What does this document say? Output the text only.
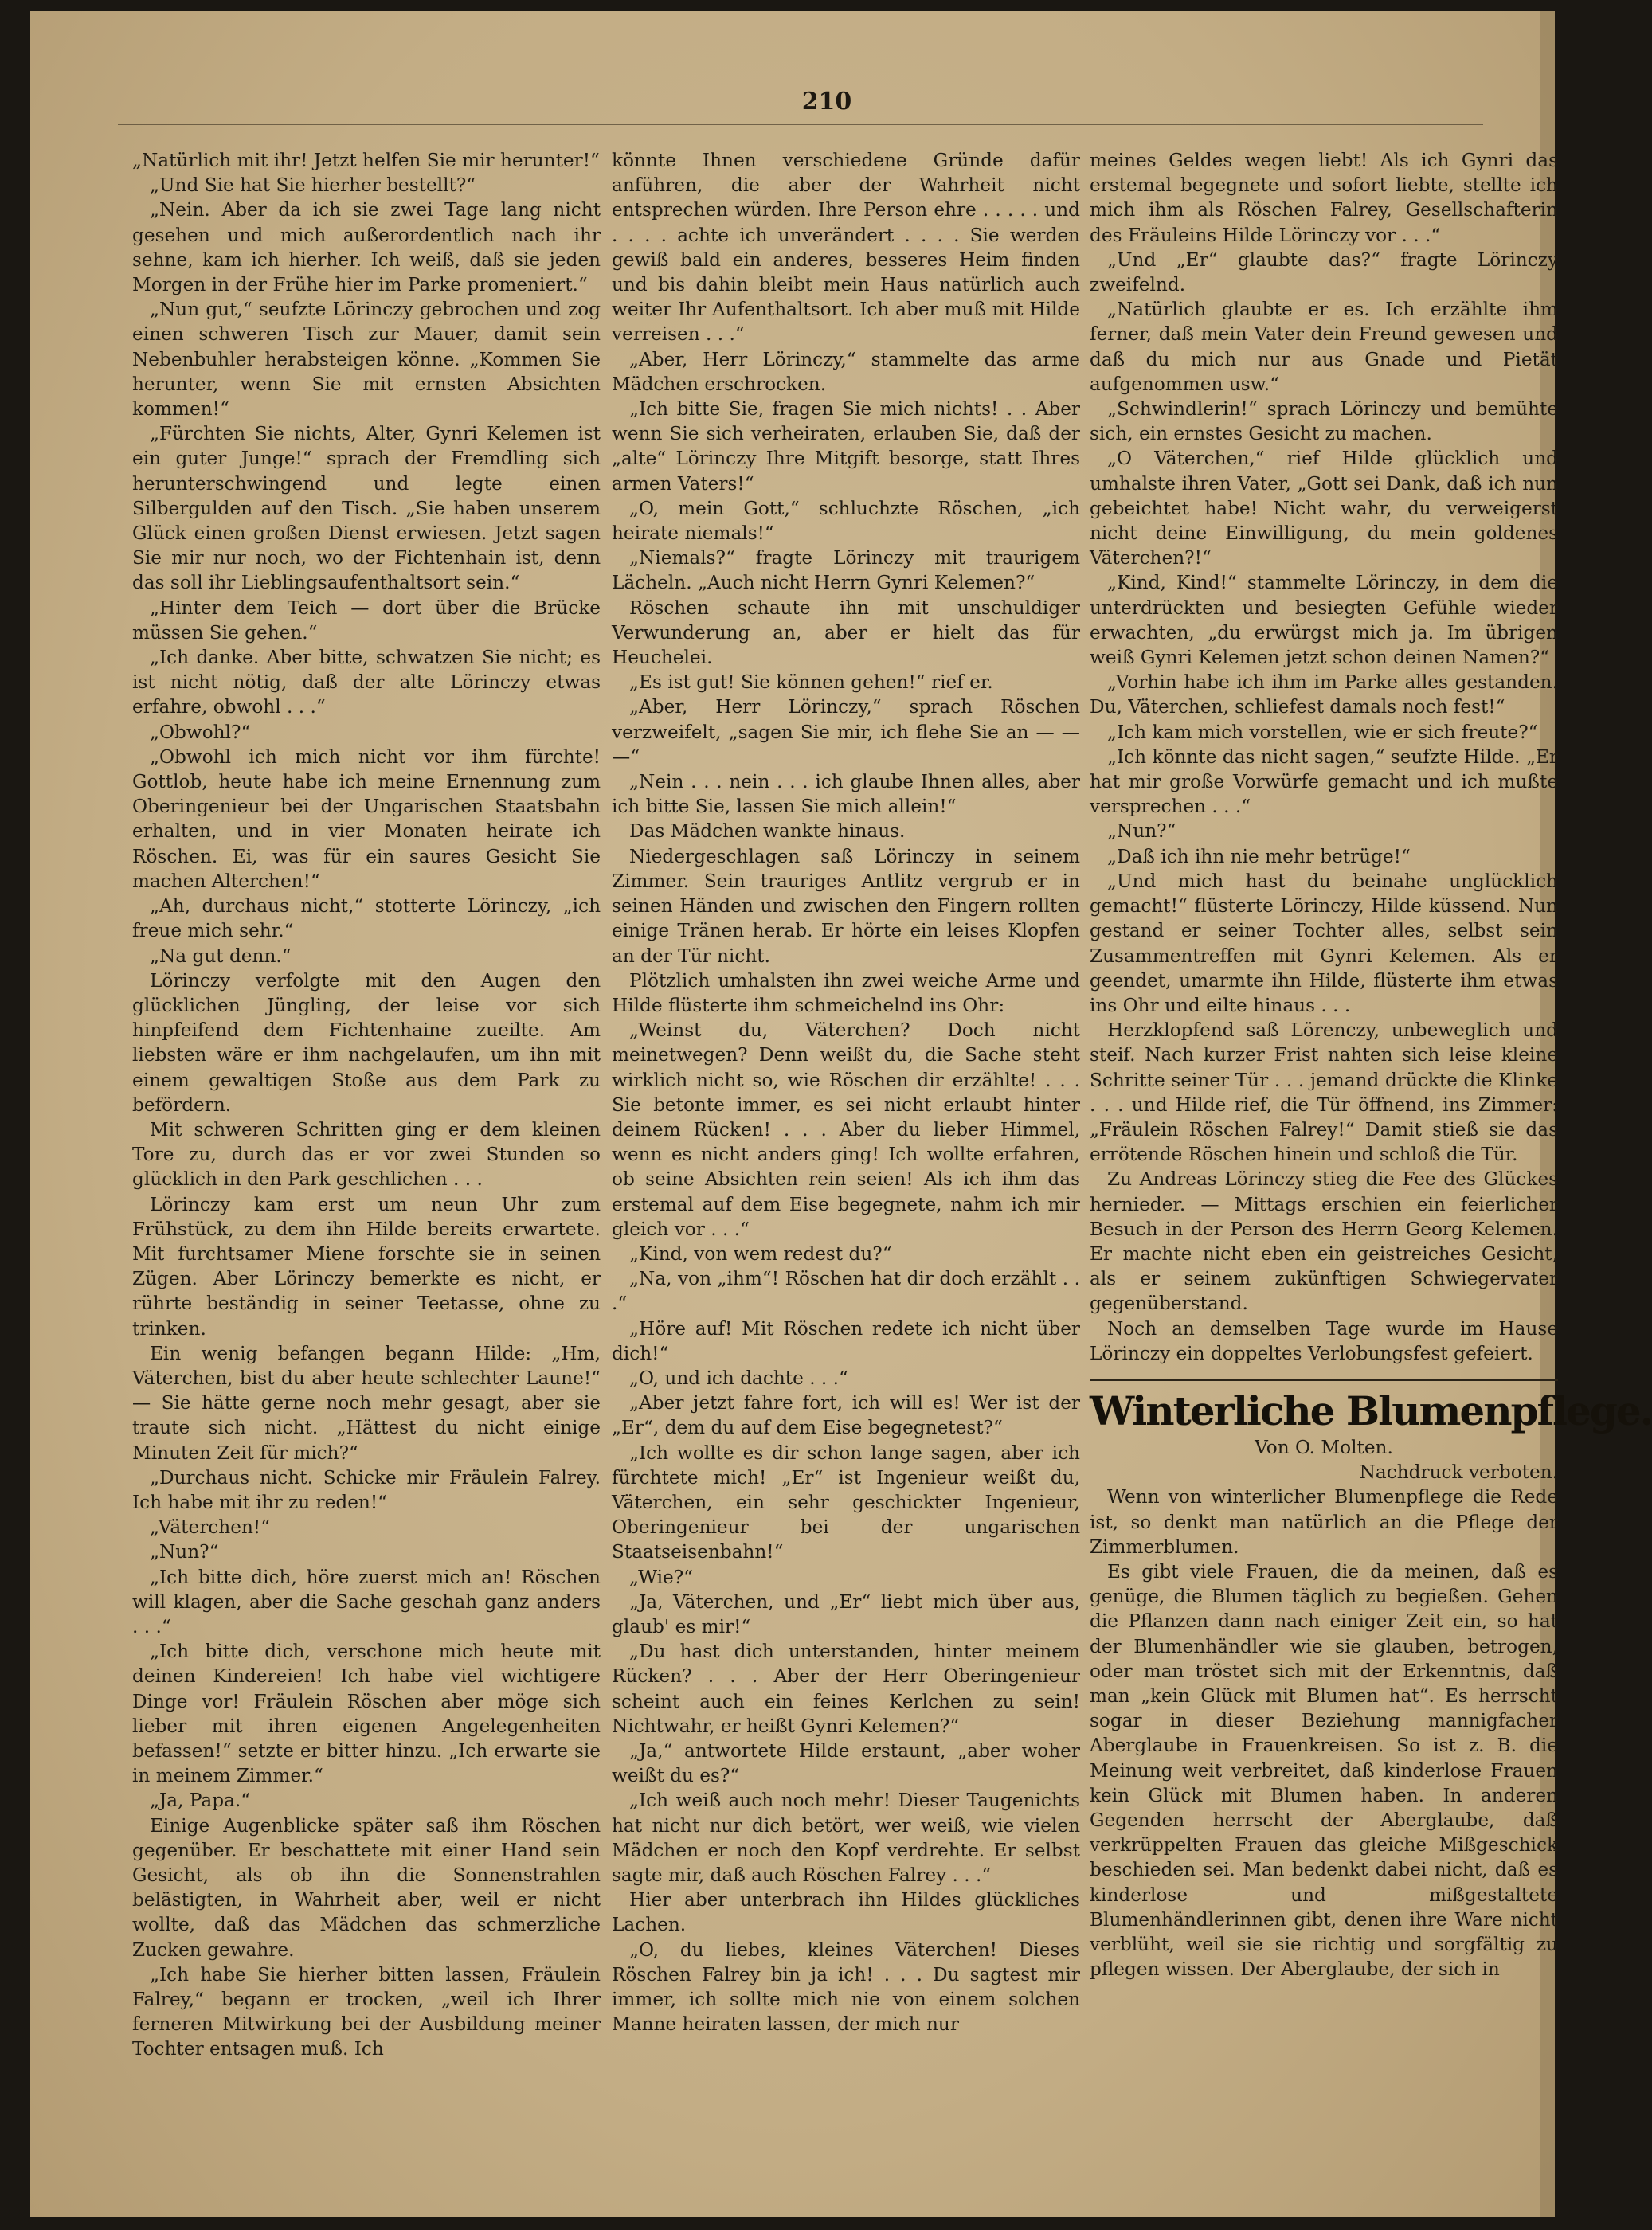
210

„Natürlich mit ihr! Jetzt helfen Sie mir herunter!“

„Und Sie hat Sie hierher bestellt?“

„Nein. Aber da ich sie zwei Tage lang nicht gesehen und mich außerordentlich nach ihr sehne, kam ich hierher. Ich weiß, daß sie jeden Morgen in der Frühe hier im Parke promeniert.“

„Nun gut,“ seufzte Lörinczy gebrochen und zog einen schweren Tisch zur Mauer, damit sein Nebenbuhler herabsteigen könne. „Kommen Sie herunter, wenn Sie mit ernsten Absichten kommen!“

„Fürchten Sie nichts, Alter, Gynri Kelemen ist ein guter Junge!“ sprach der Fremdling sich herunterschwingend und legte einen Silbergulden auf den Tisch. „Sie haben unserem Glück einen großen Dienst erwiesen. Jetzt sagen Sie mir nur noch, wo der Fichtenhain ist, denn das soll ihr Lieblingsaufenthaltsort sein.“

„Hinter dem Teich — dort über die Brücke müssen Sie gehen.“

„Ich danke. Aber bitte, schwatzen Sie nicht; es ist nicht nötig, daß der alte Lörinczy etwas erfahre, obwohl . . .“

„Obwohl?“

„Obwohl ich mich nicht vor ihm fürchte! Gottlob, heute habe ich meine Ernennung zum Oberingenieur bei der Ungarischen Staatsbahn erhalten, und in vier Monaten heirate ich Röschen. Ei, was für ein saures Gesicht Sie machen Alterchen!“

„Ah, durchaus nicht,“ stotterte Lörinczy, „ich freue mich sehr.“

„Na gut denn.“

Lörinczy verfolgte mit den Augen den glücklichen Jüngling, der leise vor sich hinpfeifend dem Fichtenhaine zueilte. Am liebsten wäre er ihm nachgelaufen, um ihn mit einem gewaltigen Stoße aus dem Park zu befördern.

Mit schweren Schritten ging er dem kleinen Tore zu, durch das er vor zwei Stunden so glücklich in den Park geschlichen . . .

Lörinczy kam erst um neun Uhr zum Frühstück, zu dem ihn Hilde bereits erwartete. Mit furchtsamer Miene forschte sie in seinen Zügen. Aber Lörinczy bemerkte es nicht, er rührte beständig in seiner Teetasse, ohne zu trinken.

Ein wenig befangen begann Hilde: „Hm, Väterchen, bist du aber heute schlechter Laune!“ — Sie hätte gerne noch mehr gesagt, aber sie traute sich nicht. „Hättest du nicht einige Minuten Zeit für mich?“

„Durchaus nicht. Schicke mir Fräulein Falrey. Ich habe mit ihr zu reden!“

„Väterchen!“

„Nun?“

„Ich bitte dich, höre zuerst mich an! Röschen will klagen, aber die Sache geschah ganz anders . . .“

„Ich bitte dich, verschone mich heute mit deinen Kindereien! Ich habe viel wichtigere Dinge vor! Fräulein Röschen aber möge sich lieber mit ihren eigenen Angelegenheiten befassen!“ setzte er bitter hinzu. „Ich erwarte sie in meinem Zimmer.“

„Ja, Papa.“

Einige Augenblicke später saß ihm Röschen gegenüber. Er beschattete mit einer Hand sein Gesicht, als ob ihn die Sonnenstrahlen belästigten, in Wahrheit aber, weil er nicht wollte, daß das Mädchen das schmerzliche Zucken gewahre.

„Ich habe Sie hierher bitten lassen, Fräulein Falrey,“ begann er trocken, „weil ich Ihrer ferneren Mitwirkung bei der Ausbildung meiner Tochter entsagen muß. Ich

könnte Ihnen verschiedene Gründe dafür anführen, die aber der Wahrheit nicht entsprechen würden. Ihre Person ehre . . . . . und . . . . achte ich unverändert . . . . Sie werden gewiß bald ein anderes, besseres Heim finden und bis dahin bleibt mein Haus natürlich auch weiter Ihr Aufenthaltsort. Ich aber muß mit Hilde verreisen . . .“

„Aber, Herr Lörinczy,“ stammelte das arme Mädchen erschrocken.

„Ich bitte Sie, fragen Sie mich nichts! . . Aber wenn Sie sich verheiraten, erlauben Sie, daß der „alte“ Lörinczy Ihre Mitgift besorge, statt Ihres armen Vaters!“

„O, mein Gott,“ schluchzte Röschen, „ich heirate niemals!“

„Niemals?“ fragte Lörinczy mit traurigem Lächeln. „Auch nicht Herrn Gynri Kelemen?“

Röschen schaute ihn mit unschuldiger Verwunderung an, aber er hielt das für Heuchelei.

„Es ist gut! Sie können gehen!“ rief er.

„Aber, Herr Lörinczy,“ sprach Röschen verzweifelt, „sagen Sie mir, ich flehe Sie an — — —“

„Nein . . . nein . . . ich glaube Ihnen alles, aber ich bitte Sie, lassen Sie mich allein!“

Das Mädchen wankte hinaus.

Niedergeschlagen saß Lörinczy in seinem Zimmer. Sein trauriges Antlitz vergrub er in seinen Händen und zwischen den Fingern rollten einige Tränen herab. Er hörte ein leises Klopfen an der Tür nicht.

Plötzlich umhalsten ihn zwei weiche Arme und Hilde flüsterte ihm schmeichelnd ins Ohr:

„Weinst du, Väterchen? Doch nicht meinetwegen? Denn weißt du, die Sache steht wirklich nicht so, wie Röschen dir erzählte! . . . Sie betonte immer, es sei nicht erlaubt hinter deinem Rücken! . . . Aber du lieber Himmel, wenn es nicht anders ging! Ich wollte erfahren, ob seine Absichten rein seien! Als ich ihm das erstemal auf dem Eise begegnete, nahm ich mir gleich vor . . .“

„Kind, von wem redest du?“

„Na, von „ihm“! Röschen hat dir doch erzählt . . .“

„Höre auf! Mit Röschen redete ich nicht über dich!“

„O, und ich dachte . . .“

„Aber jetzt fahre fort, ich will es! Wer ist der „Er“, dem du auf dem Eise begegnetest?“

„Ich wollte es dir schon lange sagen, aber ich fürchtete mich! „Er“ ist Ingenieur weißt du, Väterchen, ein sehr geschickter Ingenieur, Oberingenieur bei der ungarischen Staatseisenbahn!“

„Wie?“

„Ja, Väterchen, und „Er“ liebt mich über aus, glaub' es mir!“

„Du hast dich unterstanden, hinter meinem Rücken? . . . Aber der Herr Oberingenieur scheint auch ein feines Kerlchen zu sein! Nichtwahr, er heißt Gynri Kelemen?“

„Ja,“ antwortete Hilde erstaunt, „aber woher weißt du es?“

„Ich weiß auch noch mehr! Dieser Taugenichts hat nicht nur dich betört, wer weiß, wie vielen Mädchen er noch den Kopf verdrehte. Er selbst sagte mir, daß auch Röschen Falrey . . .“

Hier aber unterbrach ihn Hildes glückliches Lachen.

„O, du liebes, kleines Väterchen! Dieses Röschen Falrey bin ja ich! . . . Du sagtest mir immer, ich sollte mich nie von einem solchen Manne heiraten lassen, der mich nur

meines Geldes wegen liebt! Als ich Gynri das erstemal begegnete und sofort liebte, stellte ich mich ihm als Röschen Falrey, Gesellschafterin des Fräuleins Hilde Lörinczy vor . . .“

„Und „Er“ glaubte das?“ fragte Lörinczy zweifelnd.

„Natürlich glaubte er es. Ich erzählte ihm ferner, daß mein Vater dein Freund gewesen und daß du mich nur aus Gnade und Pietät aufgenommen usw.“

„Schwindlerin!“ sprach Lörinczy und bemühte sich, ein ernstes Gesicht zu machen.

„O Väterchen,“ rief Hilde glücklich und umhalste ihren Vater, „Gott sei Dank, daß ich nun gebeichtet habe! Nicht wahr, du verweigerst nicht deine Einwilligung, du mein goldenes Väterchen?!“

„Kind, Kind!“ stammelte Lörinczy, in dem die unterdrückten und besiegten Gefühle wieder erwachten, „du erwürgst mich ja. Im übrigen weiß Gynri Kelemen jetzt schon deinen Namen?“

„Vorhin habe ich ihm im Parke alles gestanden. Du, Väterchen, schliefest damals noch fest!“

„Ich kam mich vorstellen, wie er sich freute?“

„Ich könnte das nicht sagen,“ seufzte Hilde. „Er hat mir große Vorwürfe gemacht und ich mußte versprechen . . .“

„Nun?“

„Daß ich ihn nie mehr betrüge!“

„Und mich hast du beinahe unglücklich gemacht!“ flüsterte Lörinczy, Hilde küssend. Nun gestand er seiner Tochter alles, selbst sein Zusammentreffen mit Gynri Kelemen. Als er geendet, umarmte ihn Hilde, flüsterte ihm etwas ins Ohr und eilte hinaus . . .

Herzklopfend saß Lörenczy, unbeweglich und steif. Nach kurzer Frist nahten sich leise kleine Schritte seiner Tür . . . jemand drückte die Klinke . . . und Hilde rief, die Tür öffnend, ins Zimmer: „Fräulein Röschen Falrey!“ Damit stieß sie das errötende Röschen hinein und schloß die Tür.

Zu Andreas Lörinczy stieg die Fee des Glückes hernieder. — Mittags erschien ein feierlicher Besuch in der Person des Herrn Georg Kelemen. Er machte nicht eben ein geistreiches Gesicht, als er seinem zukünftigen Schwiegervater gegenüberstand.

Noch an demselben Tage wurde im Hause Lörinczy ein doppeltes Verlobungsfest gefeiert.

Winterliche Blumenpflege.

Von O. Molten.

Nachdruck verboten.

Wenn von winterlicher Blumenpflege die Rede ist, so denkt man natürlich an die Pflege der Zimmerblumen.

Es gibt viele Frauen, die da meinen, daß es genüge, die Blumen täglich zu begießen. Gehen die Pflanzen dann nach einiger Zeit ein, so hat der Blumenhändler wie sie glauben, betrogen, oder man tröstet sich mit der Erkenntnis, daß man „kein Glück mit Blumen hat“. Es herrscht sogar in dieser Beziehung mannigfacher Aberglaube in Frauenkreisen. So ist z. B. die Meinung weit verbreitet, daß kinderlose Frauen kein Glück mit Blumen haben. In anderen Gegenden herrscht der Aberglaube, daß verkrüppelten Frauen das gleiche Mißgeschick beschieden sei. Man bedenkt dabei nicht, daß es kinderlose und mißgestaltete Blumenhändlerinnen gibt, denen ihre Ware nicht verblüht, weil sie sie richtig und sorgfältig zu pflegen wissen. Der Aberglaube, der sich in
